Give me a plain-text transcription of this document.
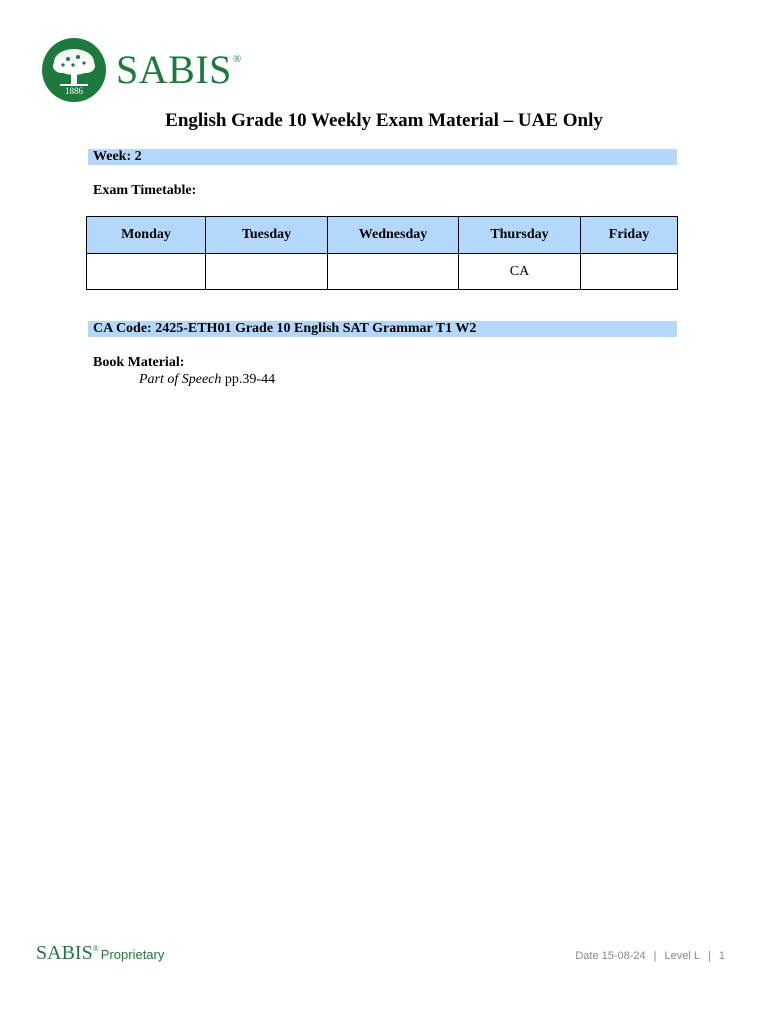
1886 SABIS®
English Grade 10 Weekly Exam Material – UAE Only
Week: 2
Exam Timetable:
Monday	Tuesday	Wednesday	Thursday	Friday
			CA	
CA Code: 2425-ETH01 Grade 10 English SAT Grammar T1 W2
Book Material:
Part of Speech pp.39-44
SABIS ® Proprietary	Date 15-08-24 | Level L | 1
